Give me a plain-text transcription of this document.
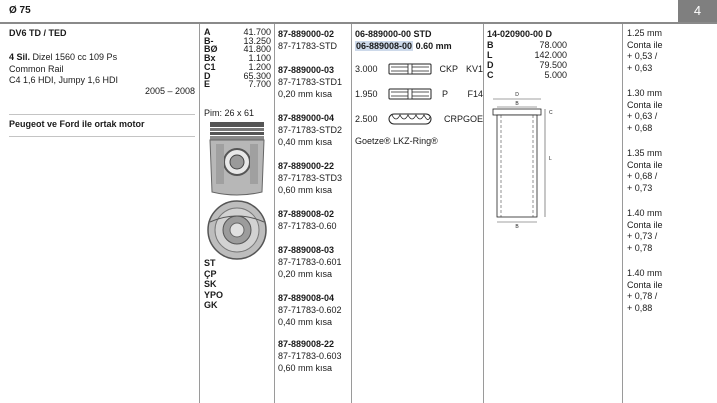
Ø 75	4
DV6 TD / TED
4 Sil. Dizel 1560 cc 109 Ps
Common Rail
C4 1,6 HDI, Jumpy 1,6 HDI
2005 – 2008
Peugeot ve Ford ile ortak motor
A	41.700
B-	13.250
BØ	41.800
Bx	1.100
C1	1.200
D	65.300
E	7.700
Pim: 26 x 61
ST
ÇP
SK
YPO
GK
87-889000-02
87-71783-STD
87-889000-03
87-71783-STD1
0,20 mm kısa
87-889000-04
87-71783-STD2
0,40 mm kısa
87-889000-22
87-71783-STD3
0,60 mm kısa
87-889008-02
87-71783-0.60
87-889008-03
87-71783-0.601
0,20 mm kısa
87-889008-04
87-71783-0.602
0,40 mm kısa
87-889008-22
87-71783-0.603
0,60 mm kısa
06-889000-00 STD
06-889008-00 0.60 mm
3.000	CKP KV1
1.950	P	F14
2.500	CRPGOE
Goetze® LKZ-Ring®
14-020900-00 D
B	78.000
L	142.000
D	79.500
C	5.000
D
B
L
C
B
1.25 mm
Conta ile
+ 0,53 /
+ 0,63
1.30 mm
Conta ile
+ 0,63 /
+ 0,68
1.35 mm
Conta ile
+ 0,68 /
+ 0,73
1.40 mm
Conta ile
+ 0,73 /
+ 0,78
1.40 mm
Conta ile
+ 0,78 /
+ 0,88
